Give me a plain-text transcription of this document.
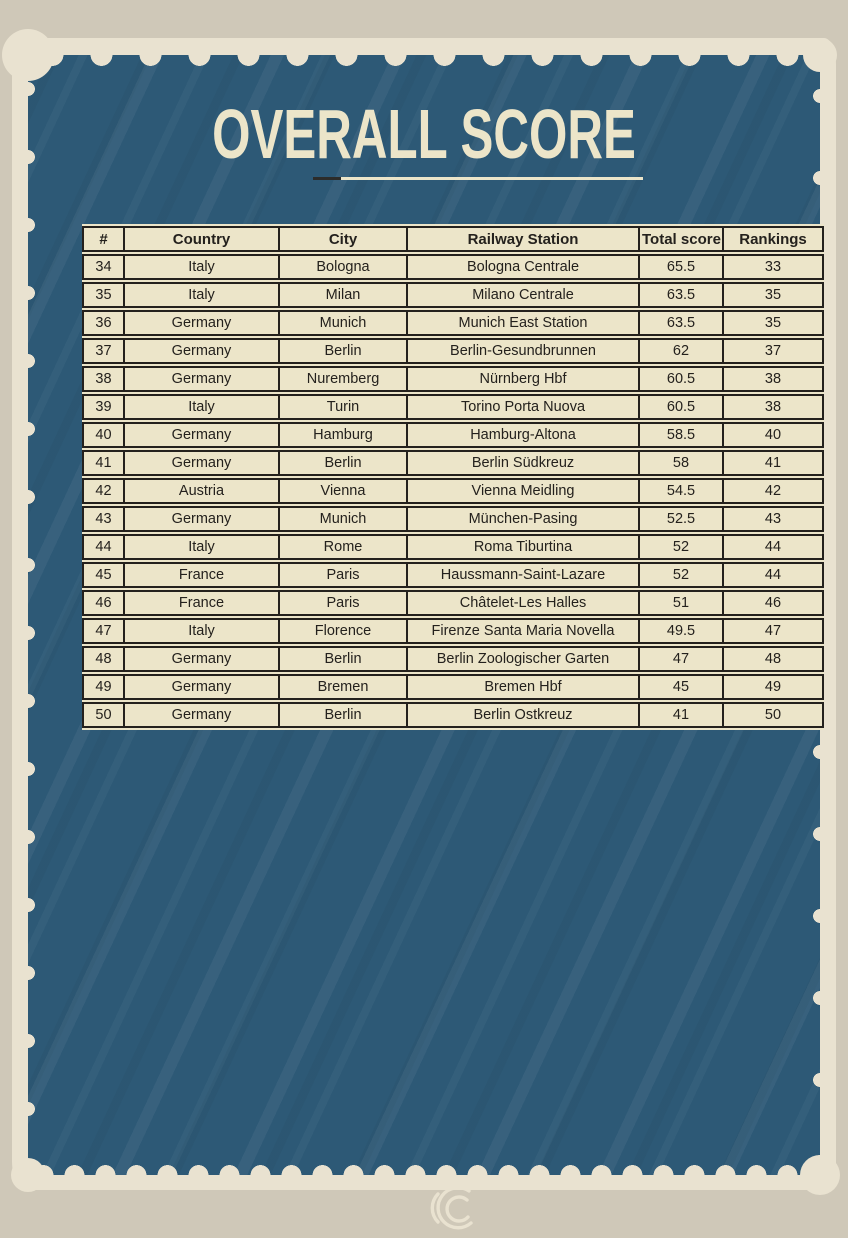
OVERALL SCORE
#	Country	City	Railway Station	Total score	Rankings
34	Italy	Bologna	Bologna Centrale	65.5	33
35	Italy	Milan	Milano Centrale	63.5	35
36	Germany	Munich	Munich East Station	63.5	35
37	Germany	Berlin	Berlin-Gesundbrunnen	62	37
38	Germany	Nuremberg	Nürnberg Hbf	60.5	38
39	Italy	Turin	Torino Porta Nuova	60.5	38
40	Germany	Hamburg	Hamburg-Altona	58.5	40
41	Germany	Berlin	Berlin Südkreuz	58	41
42	Austria	Vienna	Vienna Meidling	54.5	42
43	Germany	Munich	München-Pasing	52.5	43
44	Italy	Rome	Roma Tiburtina	52	44
45	France	Paris	Haussmann-Saint-Lazare	52	44
46	France	Paris	Châtelet-Les Halles	51	46
47	Italy	Florence	Firenze Santa Maria Novella	49.5	47
48	Germany	Berlin	Berlin Zoologischer Garten	47	48
49	Germany	Bremen	Bremen Hbf	45	49
50	Germany	Berlin	Berlin Ostkreuz	41	50
